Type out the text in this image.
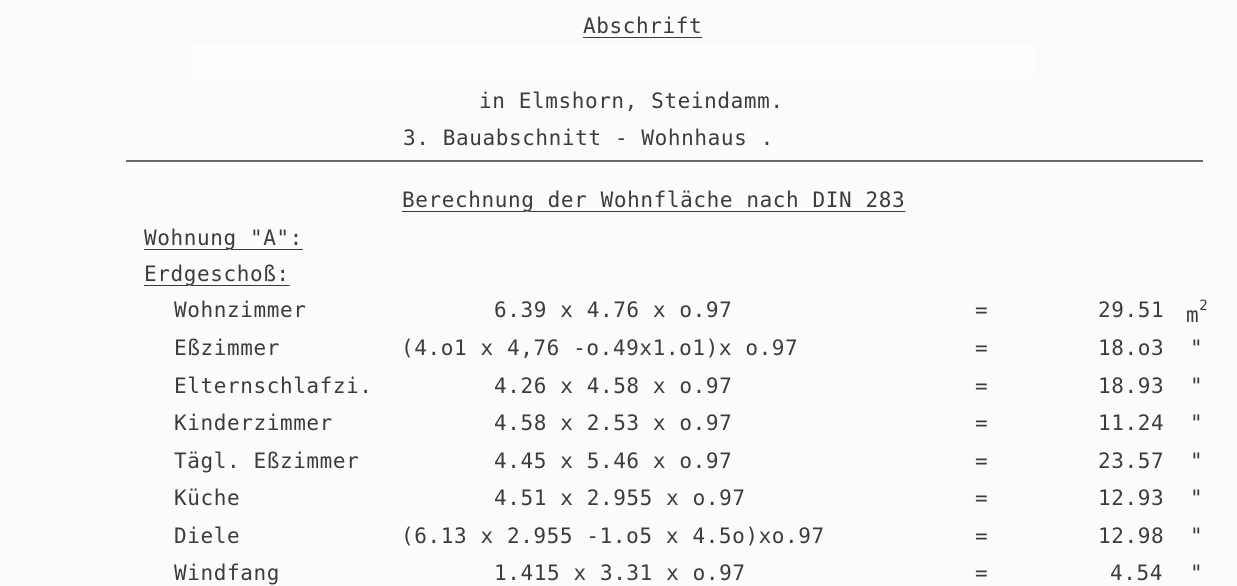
Abschrift
in Elmshorn, Steindamm.
3. Bauabschnitt - Wohnhaus .
Berechnung der Wohnfläche nach DIN 283
Wohnung "A":
Erdgeschoß:
Wohnzimmer	6.39 x 4.76 x o.97	=	29.51 $m^2$
Eßzimmer	(4.o1 x 4,76 -o.49x1.o1)x o.97	=	18.o3 "
Elternschlafzi.	4.26 x 4.58 x o.97	=	18.93 "
Kinderzimmer	4.58 x 2.53 x o.97	=	11.24 "
Tägl. Eßzimmer	4.45 x 5.46 x o.97	=	23.57 "
Küche	4.51 x 2.955 x o.97	=	12.93 "
Diele	(6.13 x 2.955 -1.o5 x 4.5o)xo.97	=	12.98 "
Windfang	1.415 x 3.31 x o.97	=	4.54 "
